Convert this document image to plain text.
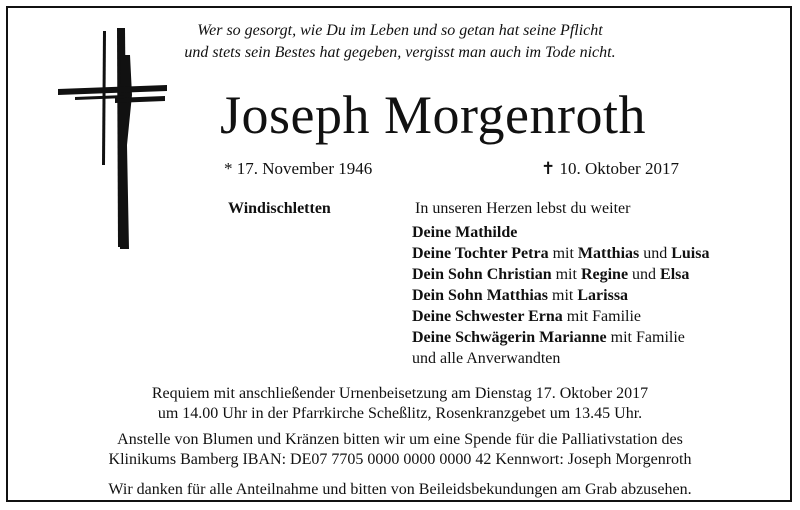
Wer so gesorgt, wie Du im Leben und so getan hat seine Pflicht
und stets sein Bestes hat gegeben, vergisst man auch im Tode nicht.
Joseph Morgenroth
* 17. November 1946	✝ 10. Oktober 2017
Windischletten	In unseren Herzen lebst du weiter
Deine Mathilde
Deine Tochter Petra mit Matthias und Luisa
Dein Sohn Christian mit Regine und Elsa
Dein Sohn Matthias mit Larissa
Deine Schwester Erna mit Familie
Deine Schwägerin Marianne mit Familie
und alle Anverwandten
Requiem mit anschließender Urnenbeisetzung am Dienstag 17. Oktober 2017
um 14.00 Uhr in der Pfarrkirche Scheßlitz, Rosenkranzgebet um 13.45 Uhr.
Anstelle von Blumen und Kränzen bitten wir um eine Spende für die Palliativstation des
Klinikums Bamberg IBAN: DE07 7705 0000 0000 0000 42 Kennwort: Joseph Morgenroth
Wir danken für alle Anteilnahme und bitten von Beileidsbekundungen am Grab abzusehen.
